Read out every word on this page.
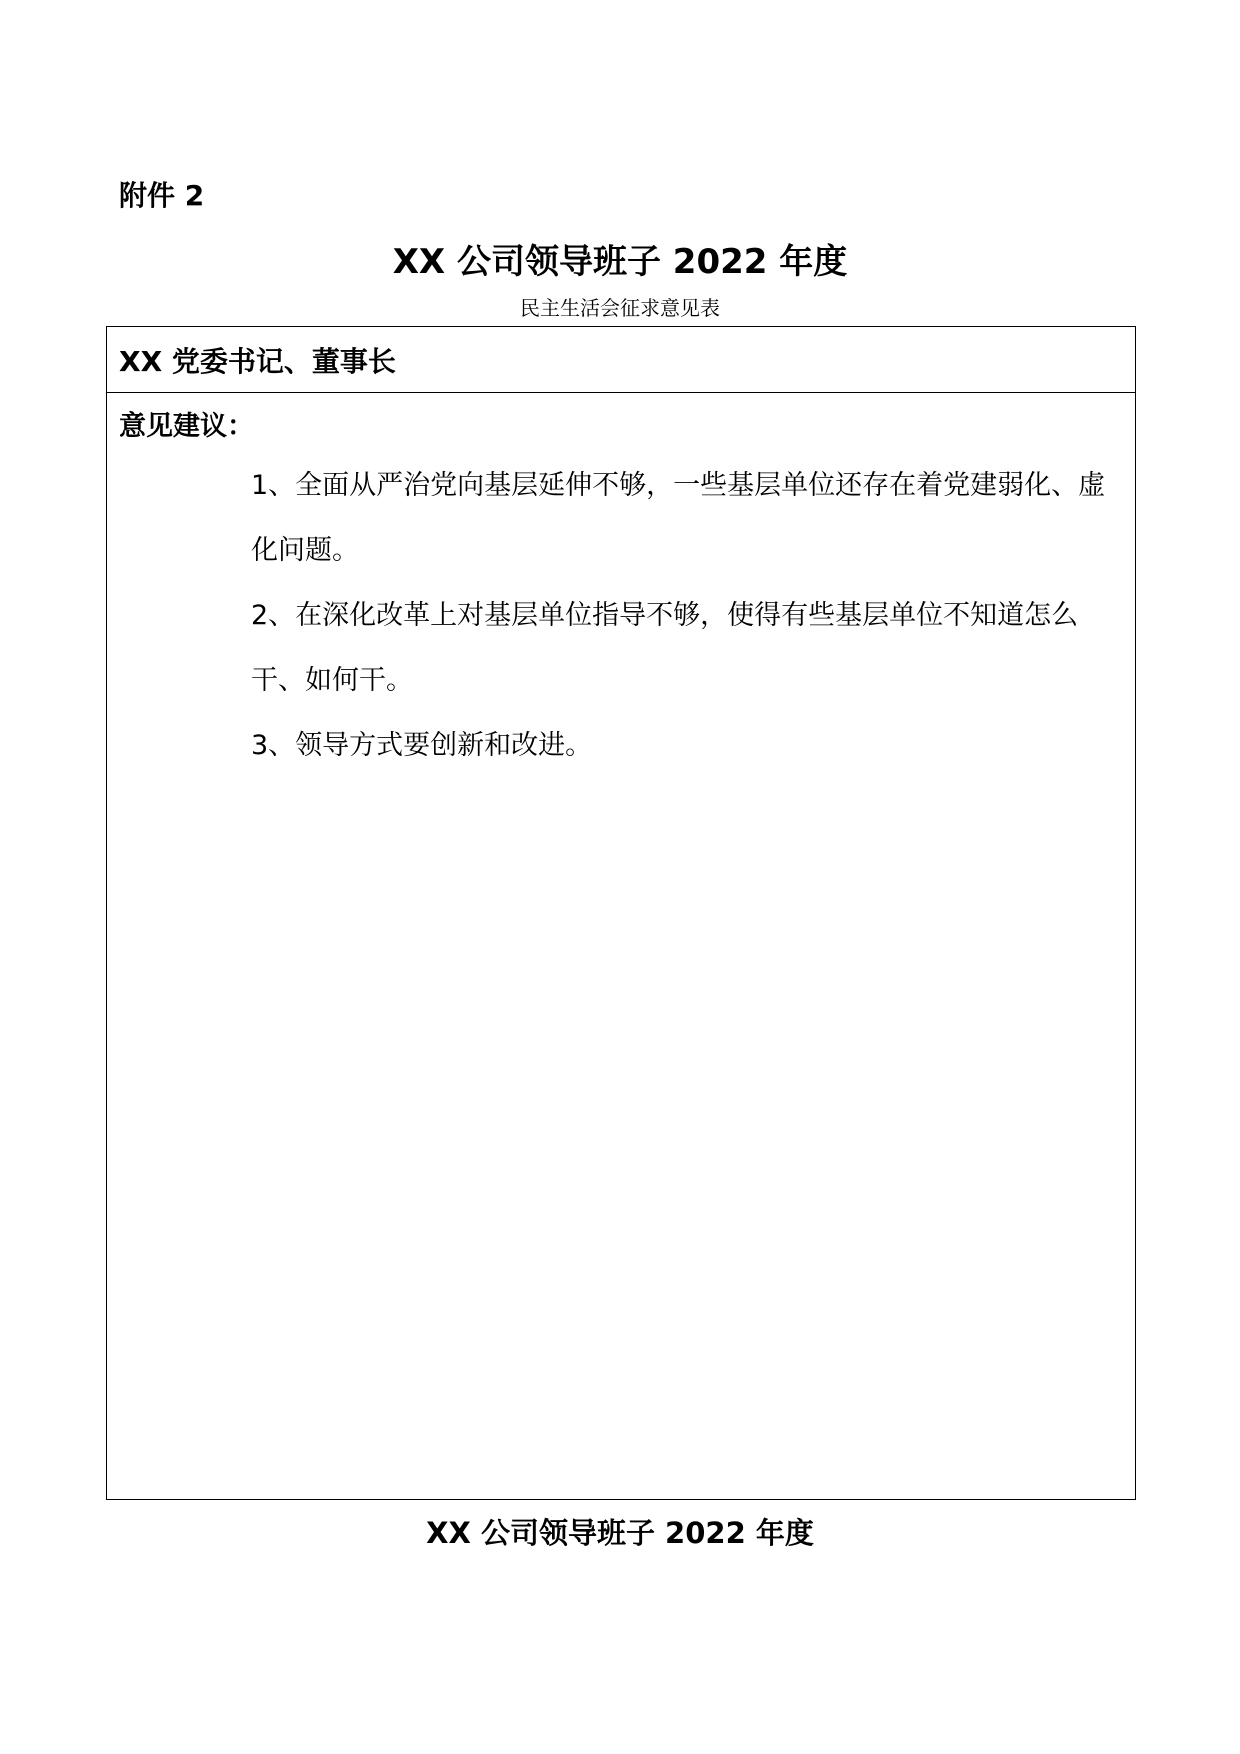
附件 2
XX 公司领导班子 2022 年度
民主生活会征求意见表
XX 党委书记、董事长
意见建议：
1、全面从严治党向基层延伸不够，一些基层单位还存在着党建弱化、虚化问题。
2、在深化改革上对基层单位指导不够，使得有些基层单位不知道怎么干、如何干。
3、领导方式要创新和改进。
XX 公司领导班子 2022 年度
